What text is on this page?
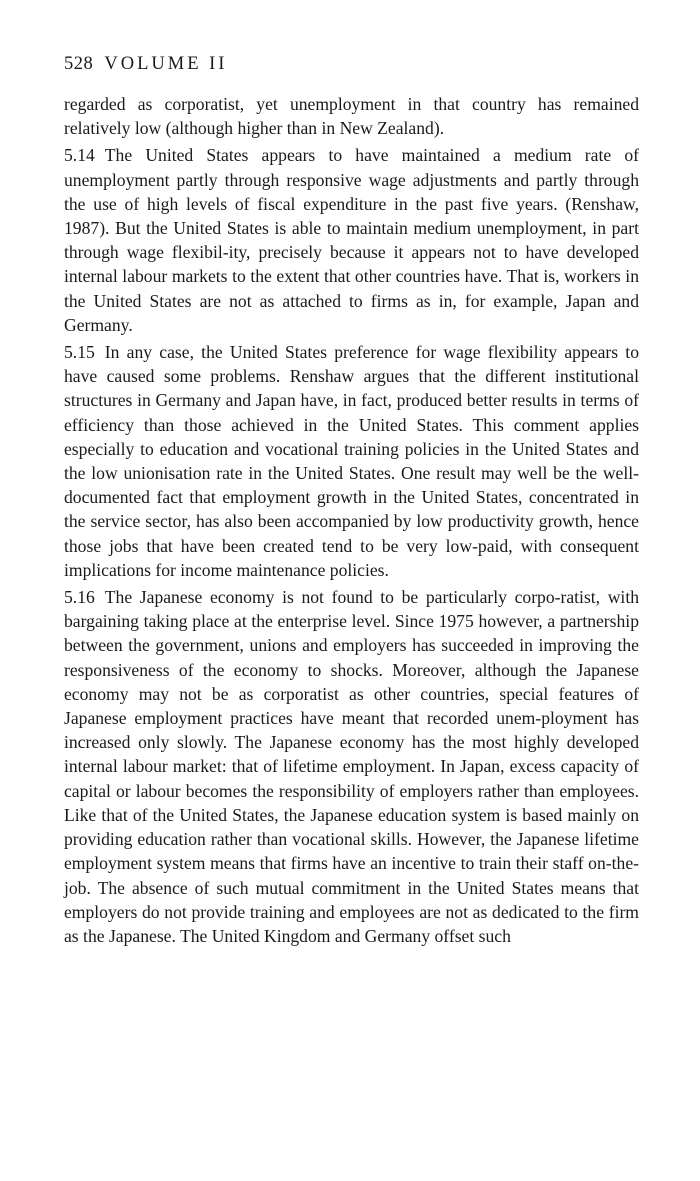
528 VOLUME II

regarded as corporatist, yet unemployment in that country has remained relatively low (although higher than in New Zealand).

5.14 The United States appears to have maintained a medium rate of unemployment partly through responsive wage adjustments and partly through the use of high levels of fiscal expenditure in the past five years. (Renshaw, 1987). But the United States is able to maintain medium unemployment, in part through wage flexibil-ity, precisely because it appears not to have developed internal labour markets to the extent that other countries have. That is, workers in the United States are not as attached to firms as in, for example, Japan and Germany.

5.15 In any case, the United States preference for wage flexibility appears to have caused some problems. Renshaw argues that the different institutional structures in Germany and Japan have, in fact, produced better results in terms of efficiency than those achieved in the United States. This comment applies especially to education and vocational training policies in the United States and the low unionisation rate in the United States. One result may well be the well-documented fact that employment growth in the United States, concentrated in the service sector, has also been accompanied by low productivity growth, hence those jobs that have been created tend to be very low-paid, with consequent implications for income maintenance policies.

5.16 The Japanese economy is not found to be particularly corpo-ratist, with bargaining taking place at the enterprise level. Since 1975 however, a partnership between the government, unions and employers has succeeded in improving the responsiveness of the economy to shocks. Moreover, although the Japanese economy may not be as corporatist as other countries, special features of Japanese employment practices have meant that recorded unem-ployment has increased only slowly. The Japanese economy has the most highly developed internal labour market: that of lifetime employment. In Japan, excess capacity of capital or labour becomes the responsibility of employers rather than employees. Like that of the United States, the Japanese education system is based mainly on providing education rather than vocational skills. However, the Japanese lifetime employment system means that firms have an incentive to train their staff on-the-job. The absence of such mutual commitment in the United States means that employers do not provide training and employees are not as dedicated to the firm as the Japanese. The United Kingdom and Germany offset such
